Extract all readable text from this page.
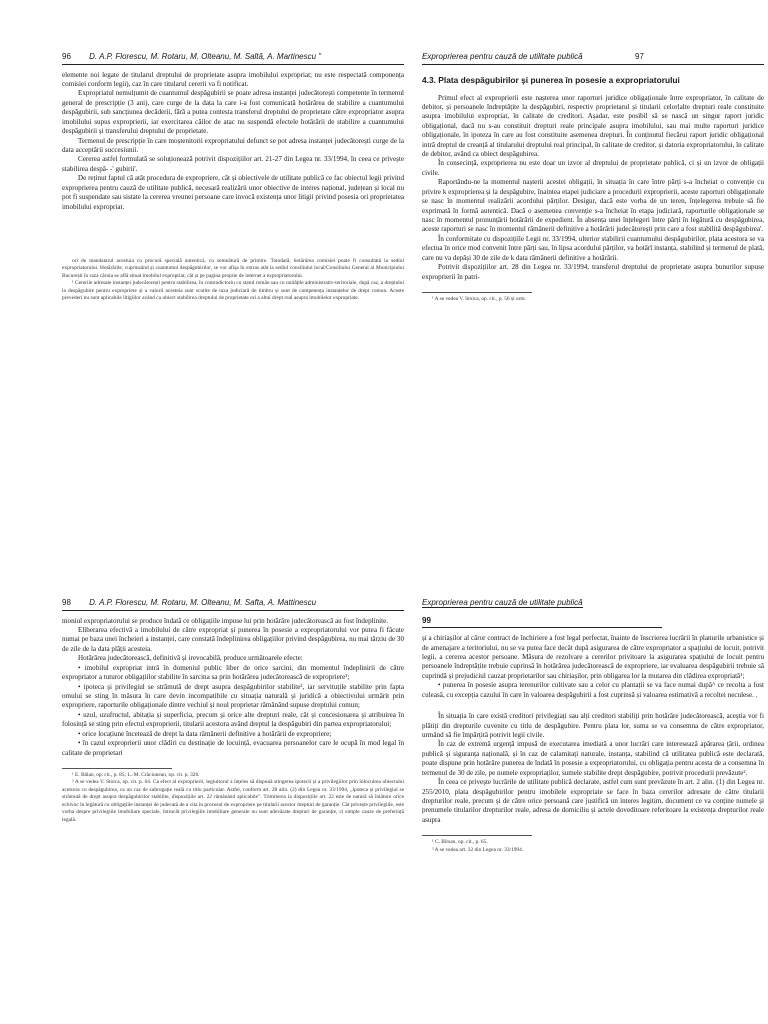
96 D. A.P. Florescu, M. Rotaru, M. Olteanu, M. Saltă, A. Martinescu "

elemente noi legate de titularul dreptului de proprietate asupra imobilului expropriat; nu este respectată componența comisiei conform legii), caz în care titularul cererii va fi notificat.

Expropriatul nemulțumit de cuantumul despăgubirii se poate adresa instanței judecătorești competente în termenul general de prescripție (3 ani), care curge de la data la care i-a fost comunicată hotărârea de stabilire a cuantumului despăgubirii, sub sancțiunea decăderii, fără a putea contesta transferul dreptului de proprietate către expropriator asupra imobilului supus exproprierii, iar exercitarea căilor de atac nu suspendă efectele hotărârii de stabilire a cuantumului despăgubirii și transferului dreptului de proprietate.

Termenul de prescripție în care moștenitorii expropriatului defunct se pot adresa instanței judecătorești curge de la data acceptării succesiunii.

Cererea astfel formulată se soluționează potrivit dispozițiilor art. 21-27 din Legea nr. 33/1994, în ceea ce privește stabilirea despă- -' gubirii'.

De reținut faptul că atât procedura de expropriere, cât și obiectivele de utilitate publică ce fac obiectul legii privind exproprierea pentru cauză de utilitate publică, necesară realizării unor obiective de interes național, județean și local nu pot fi suspendate sau sistate la cererea vreunei persoane care invocă existența unor litigii privind posesia ori proprietatea imobilului expropriat.

ori de mandatarul acestuia cu procură specială autentică, cu semnătură de primire. Totodată, hotărârea comisiei poate fi consultată la sediul expropriatorului. Hotărârile, cuprinzând și cuantumul despăgubirilor, se vor afișa în extras atât la sediul consiliului local/Consiliului General al Municipiului București în raza căruia se află situat imobilul expropriat, cât și pe pagina proprie de internet a expropriatorului.

¹ Cererile adresate instanței judecătorești pentru stabilirea, în contradictoriu cu statul român sau cu unitățile administrativ-teritoriale, după caz, a dreptului la despăgubire pentru expropriere și a valorii acesteia sunt scutite de taxa judiciară de timbru și sunt de competența instanțelor de drept comun. Aceste prevederi nu sunt aplicabile litigiilor având ca obiect stabilirea dreptului de proprietate ori a altui drept real asupra imobilelor expropriate.

Exproprierea pentru cauză de utilitate publică	97
4.3. Plata despăgubirilor şi punerea în posesie a expropriatorului

Primul efect al exproprierii este nașterea unor raporturi juridice obligaționale între expropriator, în calitate de debitor, și persoanele îndreptățite la despăgubiri, respectiv proprietarul și titularii celorlalte drepturi reale constituite asupra imobilului expropriat, în calitate de creditori. Așadar, este posibil să se nască un singur raport juridic obligațional, dacă nu s-au constituit drepturi reale principale asupra imobilului, sau mai multe raporturi juridice obligaționale, în ipoteza în care au fost constituite asemenea drepturi. În conținutul fiecărui raport juridic obligațional intră dreptul de creanță al titularului dreptului real principal, în calitate de creditor, și datoria expropriatorului, în calitate de debitor, având ca obiect despăgubirea.

În consecință, exproprierea nu este doar un izvor al dreptului de proprietate publică, ci și un izvor de obligații civile.

Raportându-ne la momentul nașterii acestei obligații, în situația în care între părți s-a încheiat o convenție cu privire k exproprierea și la despăgubire, înaintea etapei judiciare a procedurii exproprierii, aceste raporturi obligaționale se nasc în momentul realizării acordului părților. Desigur, dacă este vorba de un teren, înțelegerea trebuie să fie exprimată în formă autentică. Dacă o asemenea convenție s-a încheiat în etapa judiciară, raporturile obligaționale se nasc în momentul pronunțării hotărârii de expedient. În absența unei înțelegeri între părți în legătură cu despăgubirea, aceste raporturi se nasc în momentul rămânerii definitive a hotărârii judecătorești prin care a fost stabilită despăgubirea'.

În conformitate cu dispozițiile Legii nr. 33/1994, ulterior stabilirii cuantumului despăgubirilor, plata acestora se va efectua în orice mod convenit între părți sau, în lipsa acordului părților, va hotărî instanța, stabilind și termenul de plată, care nu va depăși 30 de zile de k data rămânerii definitive a hotărârii.

Potrivit dispozițiilor art. 28 din Legea nr. 33/1994, transferul dreptului de proprietate asupra bunurilor supuse exproprierii în patri-

¹ A se vedea V. Stoica, op. cit., p. 56 și urm.

98 D. A.P. Florescu, M. Rotaru, M. Olteanu, M. Safta, A. Mattinescu

moniul expropriatorului se produce îndată ce obligațiile impuse lui prin hotărâre judecătorească au fost îndeplinite.

Eliberarea efectivă a imobilului de către expropriat și punerea în posesie a expropriatorului vor putea fi făcute numai pe baza unei încheieri a instanței, care constată îndeplinirea obligațiilor privind despăgubirea, nu mai târziu de 30 de zile de la data plății acesteia.

Hotărârea judecătorească, definitivă și irevocabilă, produce următoarele efecte:

• imobilul expropriat intră în domeniul public liber de orice sarcini, din momentul îndeplinirii de către expropriator a tuturor obligațiilor stabilite în sarcina sa prin hotărârea judecătorească de expropriere¹;

• ipoteca și privilegiul se strămută de drept asupra despăgubirilor stabilite², iar servituțile stabilite prin fapta omului se sting în măsura în care devin incompatibile cu situația naturală și juridică a obiectivului urmărit prin expropriere, raporturile obligaționale dintre vechiul și noul proprietar rămânând supuse dreptului comun;

• uzul, uzufructul, abitația și superficia, precum și orice alte drepturi reale, cât și concesionarea și atribuirea în folosință se sting prin efectul exproprierii, titularii acestora având dreptul la despăgubiri din partea expropriatorului;

• orice locațiune încetează de drept la data rămânerii definitive a hotărârii de expropriere;

• în cazul exproprierii unor clădiri cu destinație de locuință, evacuarea persoanelor care le ocupă în mod legal în calitate de proprietari

¹ E. Bălan, op. cit., p. 85; L.-M. Crăciunean, op. cit. p. 326.

² A se vedea V. Stoica, op. cit. p. 64. Ca efect al exproprierii, legiuitorul a înțeles să dispună stingerea ipotecii și a privilegiilor prin înlocuirea obiectului acestora cu despăgubirea, ca un caz de subrogație reală cu titlu particular. Astfel, conform art. 28 alin. (2) din Legea nr. 33/1994, „ipoteca și privilegiul se strămută de drept asupra despăgubirilor stabilite, dispozițiile art. 22 rămânând aplicabile". Trimiterea la dispozițiile art. 22 este de natură să înlăture orice echivoc în legătură cu obligațiile instanței de judecată de a cita în procesul de expropriere pe titularii acestor drepturi de garanție. Cât privește privilegiile, este vorba despre privilegiile imobiliare speciale, întrucât privilegiile imobiliare generale nu sunt adevărate drepturi de garanție, ci simple cauze de preferință legală.

Exproprierea pentru cauză de utilitate publică
99

și a chiriașilor al căror contract de închiriere a fost legal perfectat, înainte de înscrierea lucrării în planurile urbanistice și de amenajare a teritoriului, nu se va putea face decât după asigurarea de către expropriator a spațiului de locuit, potrivit legii, a cererea acestor persoane. Măsura de rezolvare a cererilor privitoare la asigurarea spațiului de locuit pentru persoanele îndreptățite trebuie cuprinsă în hotărârea judecătorească de expropriere, iar evaluarea despăgubirii trebuie să cuprindă și prejudiciul cauzat proprietarilor sau chiriașilor, prin obligarea lor la mutarea din clădirea expropriată¹;

• punerea în posesie asupra terenurilor cultivate sau a celor cu plantații se va face numai după^ ce recolta a fost culeasă, cu excepția cazului în care în valoarea despăgubirii a fost cuprinsă și valoarea estimativă a recoltei neculese. .

În situația în care există creditori privilegiați sau alți creditori stabiliți prin hotărâre judecătorească, aceștia vor fi plătiți din drepturile cuvenite cu titlu de despăgubire. Pentru plata lor, suma se va consemna de către expropriator, urmând să fie împărțită potrivit legii civile.

În caz de extremă urgență impusă de executarea imediată a unor lucrări care interesează apărarea țării, ordinea publică și siguranța națională, și în caz de calamitați naturale, instanța, stabilind că utilitatea publică este declarată, poate dispune prin hotărâre punerea de îndată în posesie a expropriatorului, cu obligația pentru acesta de a consemna în termenul de 30 de zile, pe numele expropriaților, sumele stabilite drept despăgubire, potrivit procedurii prevăzute².

În ceea ce privește lucrările de utilitate publică declarate, astfel cum sunt prevăzute în art. 2 alin. (1) din Legea nr. 255/2010, plata despăgubirilor pentru imobilele expropriate se face în baza cererilor adresate de către titularii drepturilor reale, precum și de către orice persoană care justifică un interes legitim, document ce va conține numele și prenumele titularilor drepturilor reale, adresa de domiciliu și actele doveditoare referitoare la existența drepturilor reale asupra

¹ C. Bîrsan, op. cit., p. 65.

² A se vedea art. 32 din Legea nr. 33/1994.
